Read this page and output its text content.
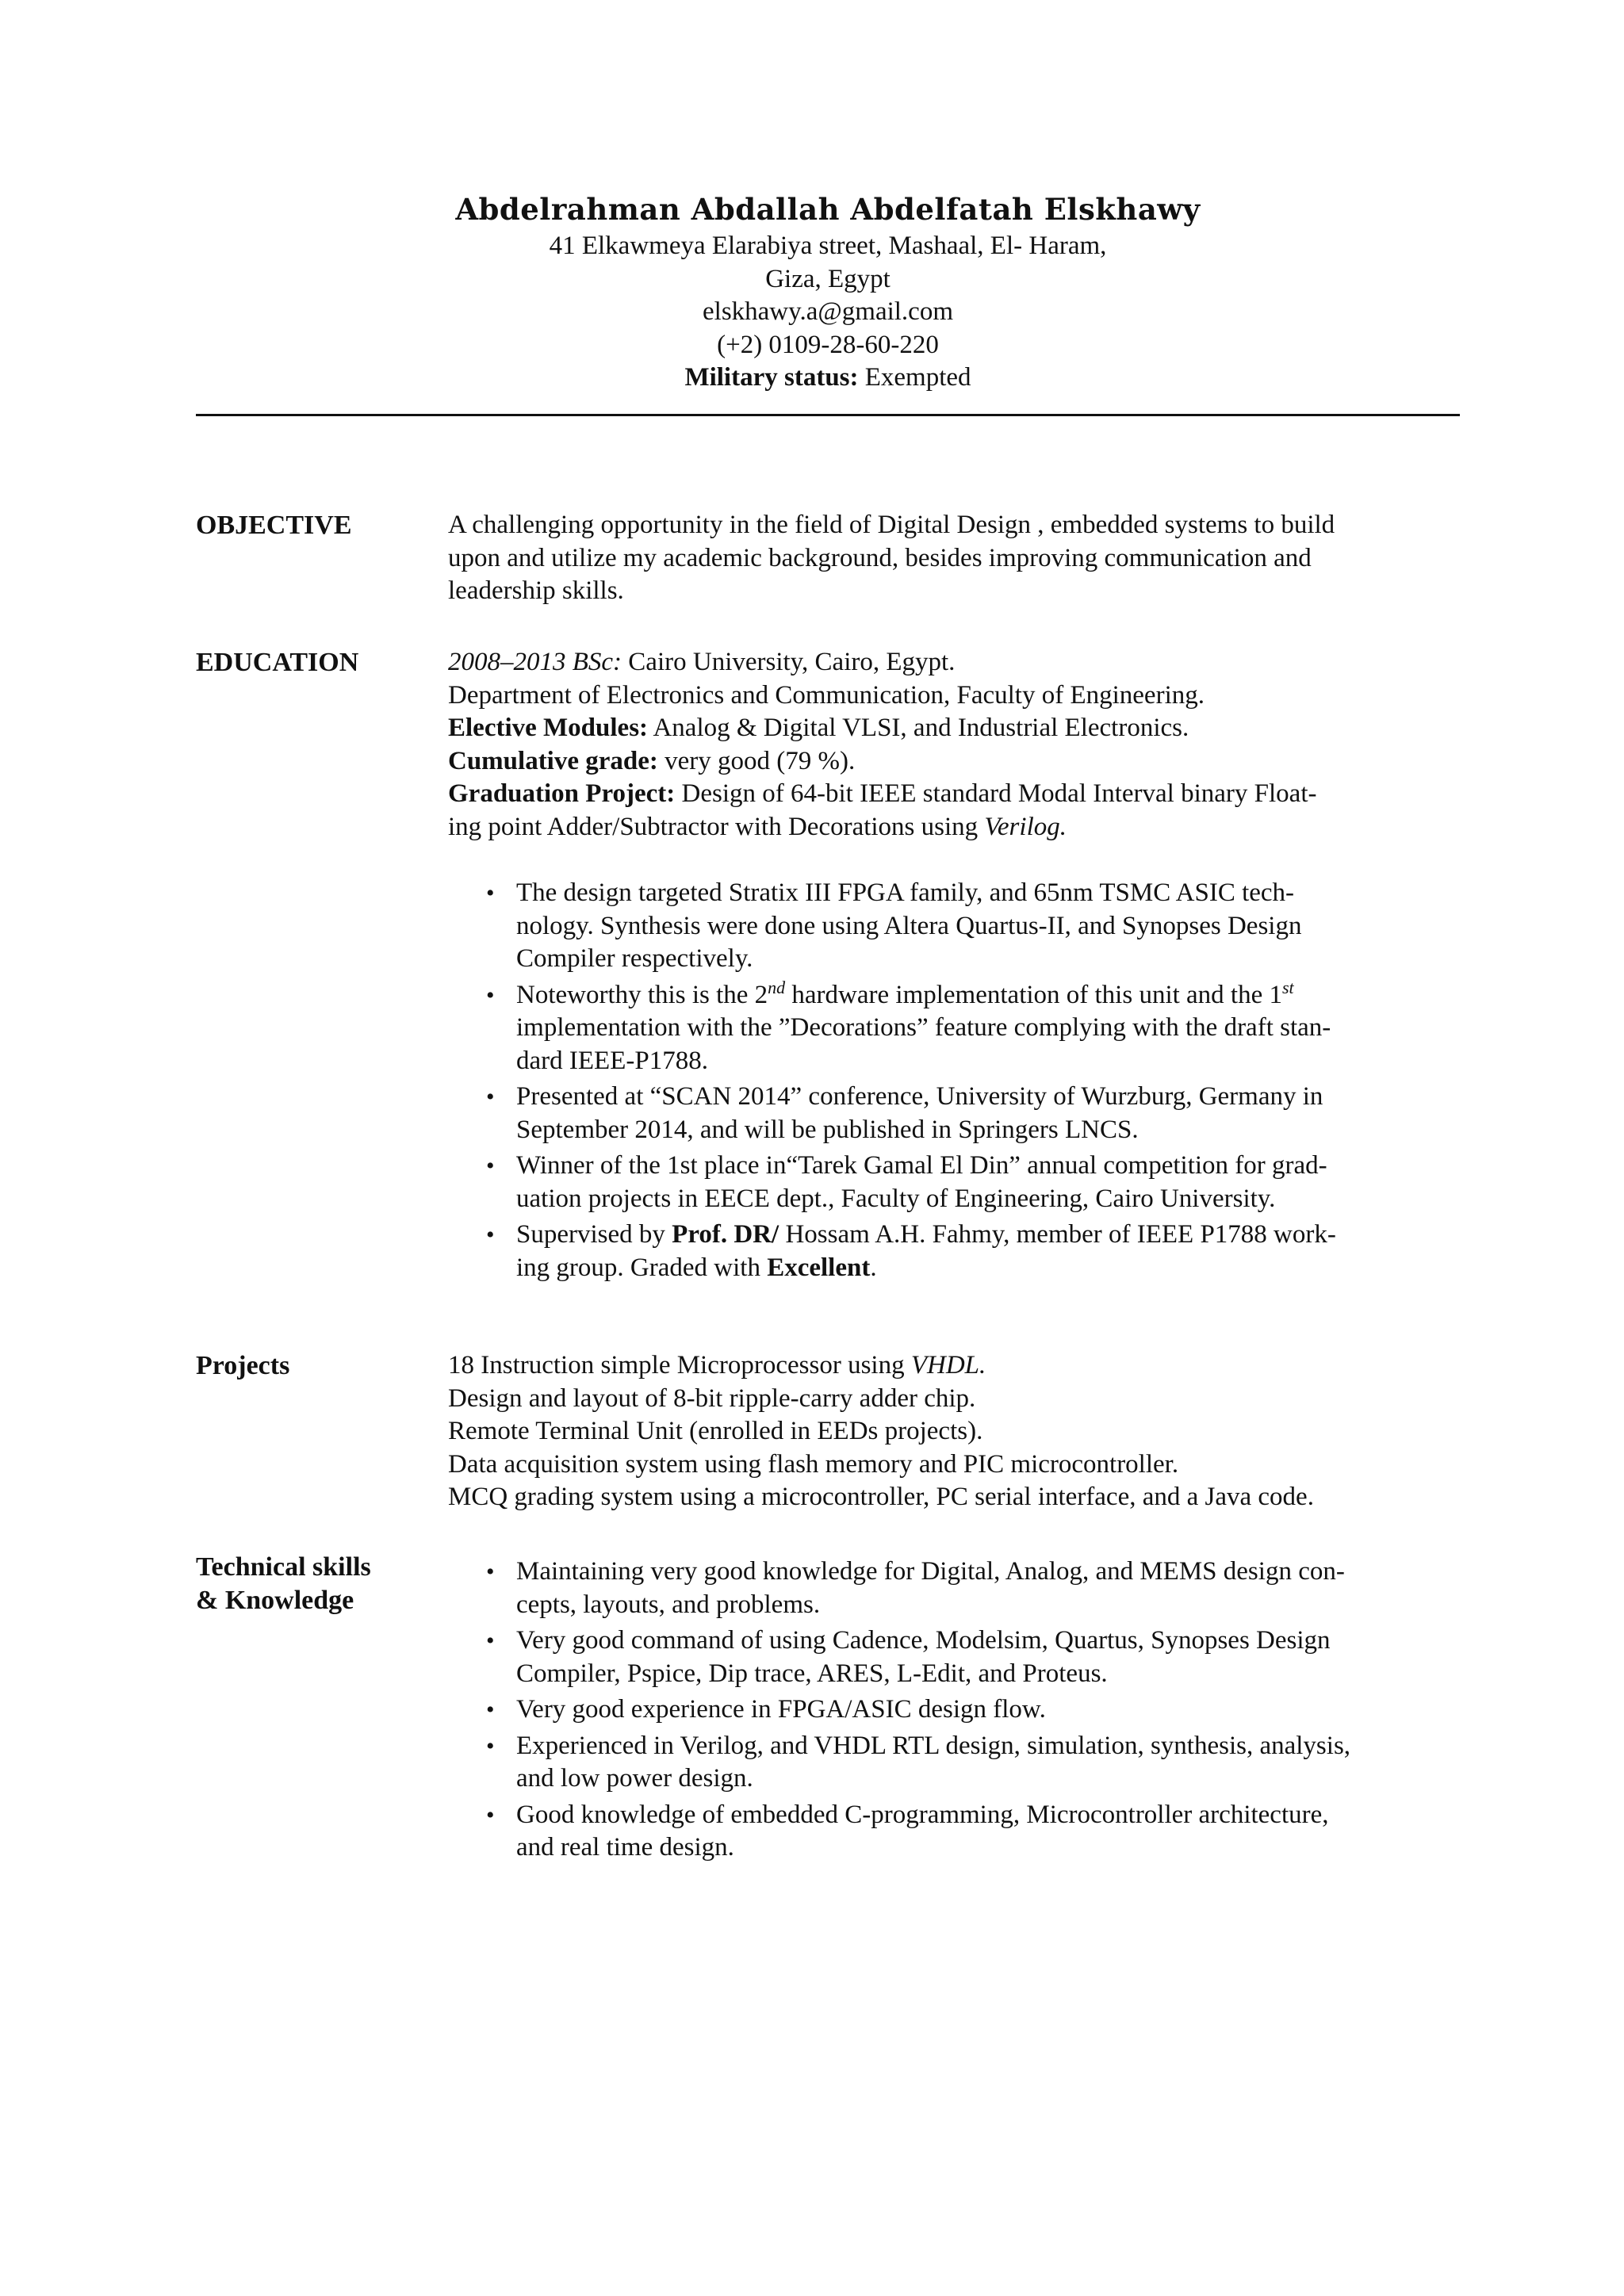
Abdelrahman Abdallah Abdelfatah Elskhawy
41 Elkawmeya Elarabiya street, Mashaal, El- Haram,
Giza, Egypt
elskhawy.a@gmail.com
(+2) 0109-28-60-220
Military status: Exempted
OBJECTIVE	A challenging opportunity in the field of Digital Design , embedded systems to build
upon and utilize my academic background, besides improving communication and
leadership skills.
EDUCATION	2008–2013 BSc: Cairo University, Cairo, Egypt.
Department of Electronics and Communication, Faculty of Engineering.
Elective Modules: Analog & Digital VLSI, and Industrial Electronics.
Cumulative grade: very good (79 %).
Graduation Project: Design of 64-bit IEEE standard Modal Interval binary Float-
ing point Adder/Subtractor with Decorations using Verilog.
• The design targeted Stratix III FPGA family, and 65nm TSMC ASIC tech-
nology. Synthesis were done using Altera Quartus-II, and Synopses Design
Compiler respectively.
• Noteworthy this is the 2nd hardware implementation of this unit and the 1st
implementation with the ”Decorations” feature complying with the draft stan-
dard IEEE-P1788.
• Presented at “SCAN 2014” conference, University of Wurzburg, Germany in
September 2014, and will be published in Springers LNCS.
• Winner of the 1st place in“Tarek Gamal El Din” annual competition for grad-
uation projects in EECE dept., Faculty of Engineering, Cairo University.
• Supervised by Prof. DR/ Hossam A.H. Fahmy, member of IEEE P1788 work-
ing group. Graded with Excellent.
Projects	18 Instruction simple Microprocessor using VHDL.
Design and layout of 8-bit ripple-carry adder chip.
Remote Terminal Unit (enrolled in EEDs projects).
Data acquisition system using flash memory and PIC microcontroller.
MCQ grading system using a microcontroller, PC serial interface, and a Java code.
Technical skills
& Knowledge
• Maintaining very good knowledge for Digital, Analog, and MEMS design con-
cepts, layouts, and problems.
• Very good command of using Cadence, Modelsim, Quartus, Synopses Design
Compiler, Pspice, Dip trace, ARES, L-Edit, and Proteus.
• Very good experience in FPGA/ASIC design flow.
• Experienced in Verilog, and VHDL RTL design, simulation, synthesis, analysis,
and low power design.
• Good knowledge of embedded C-programming, Microcontroller architecture,
and real time design.
